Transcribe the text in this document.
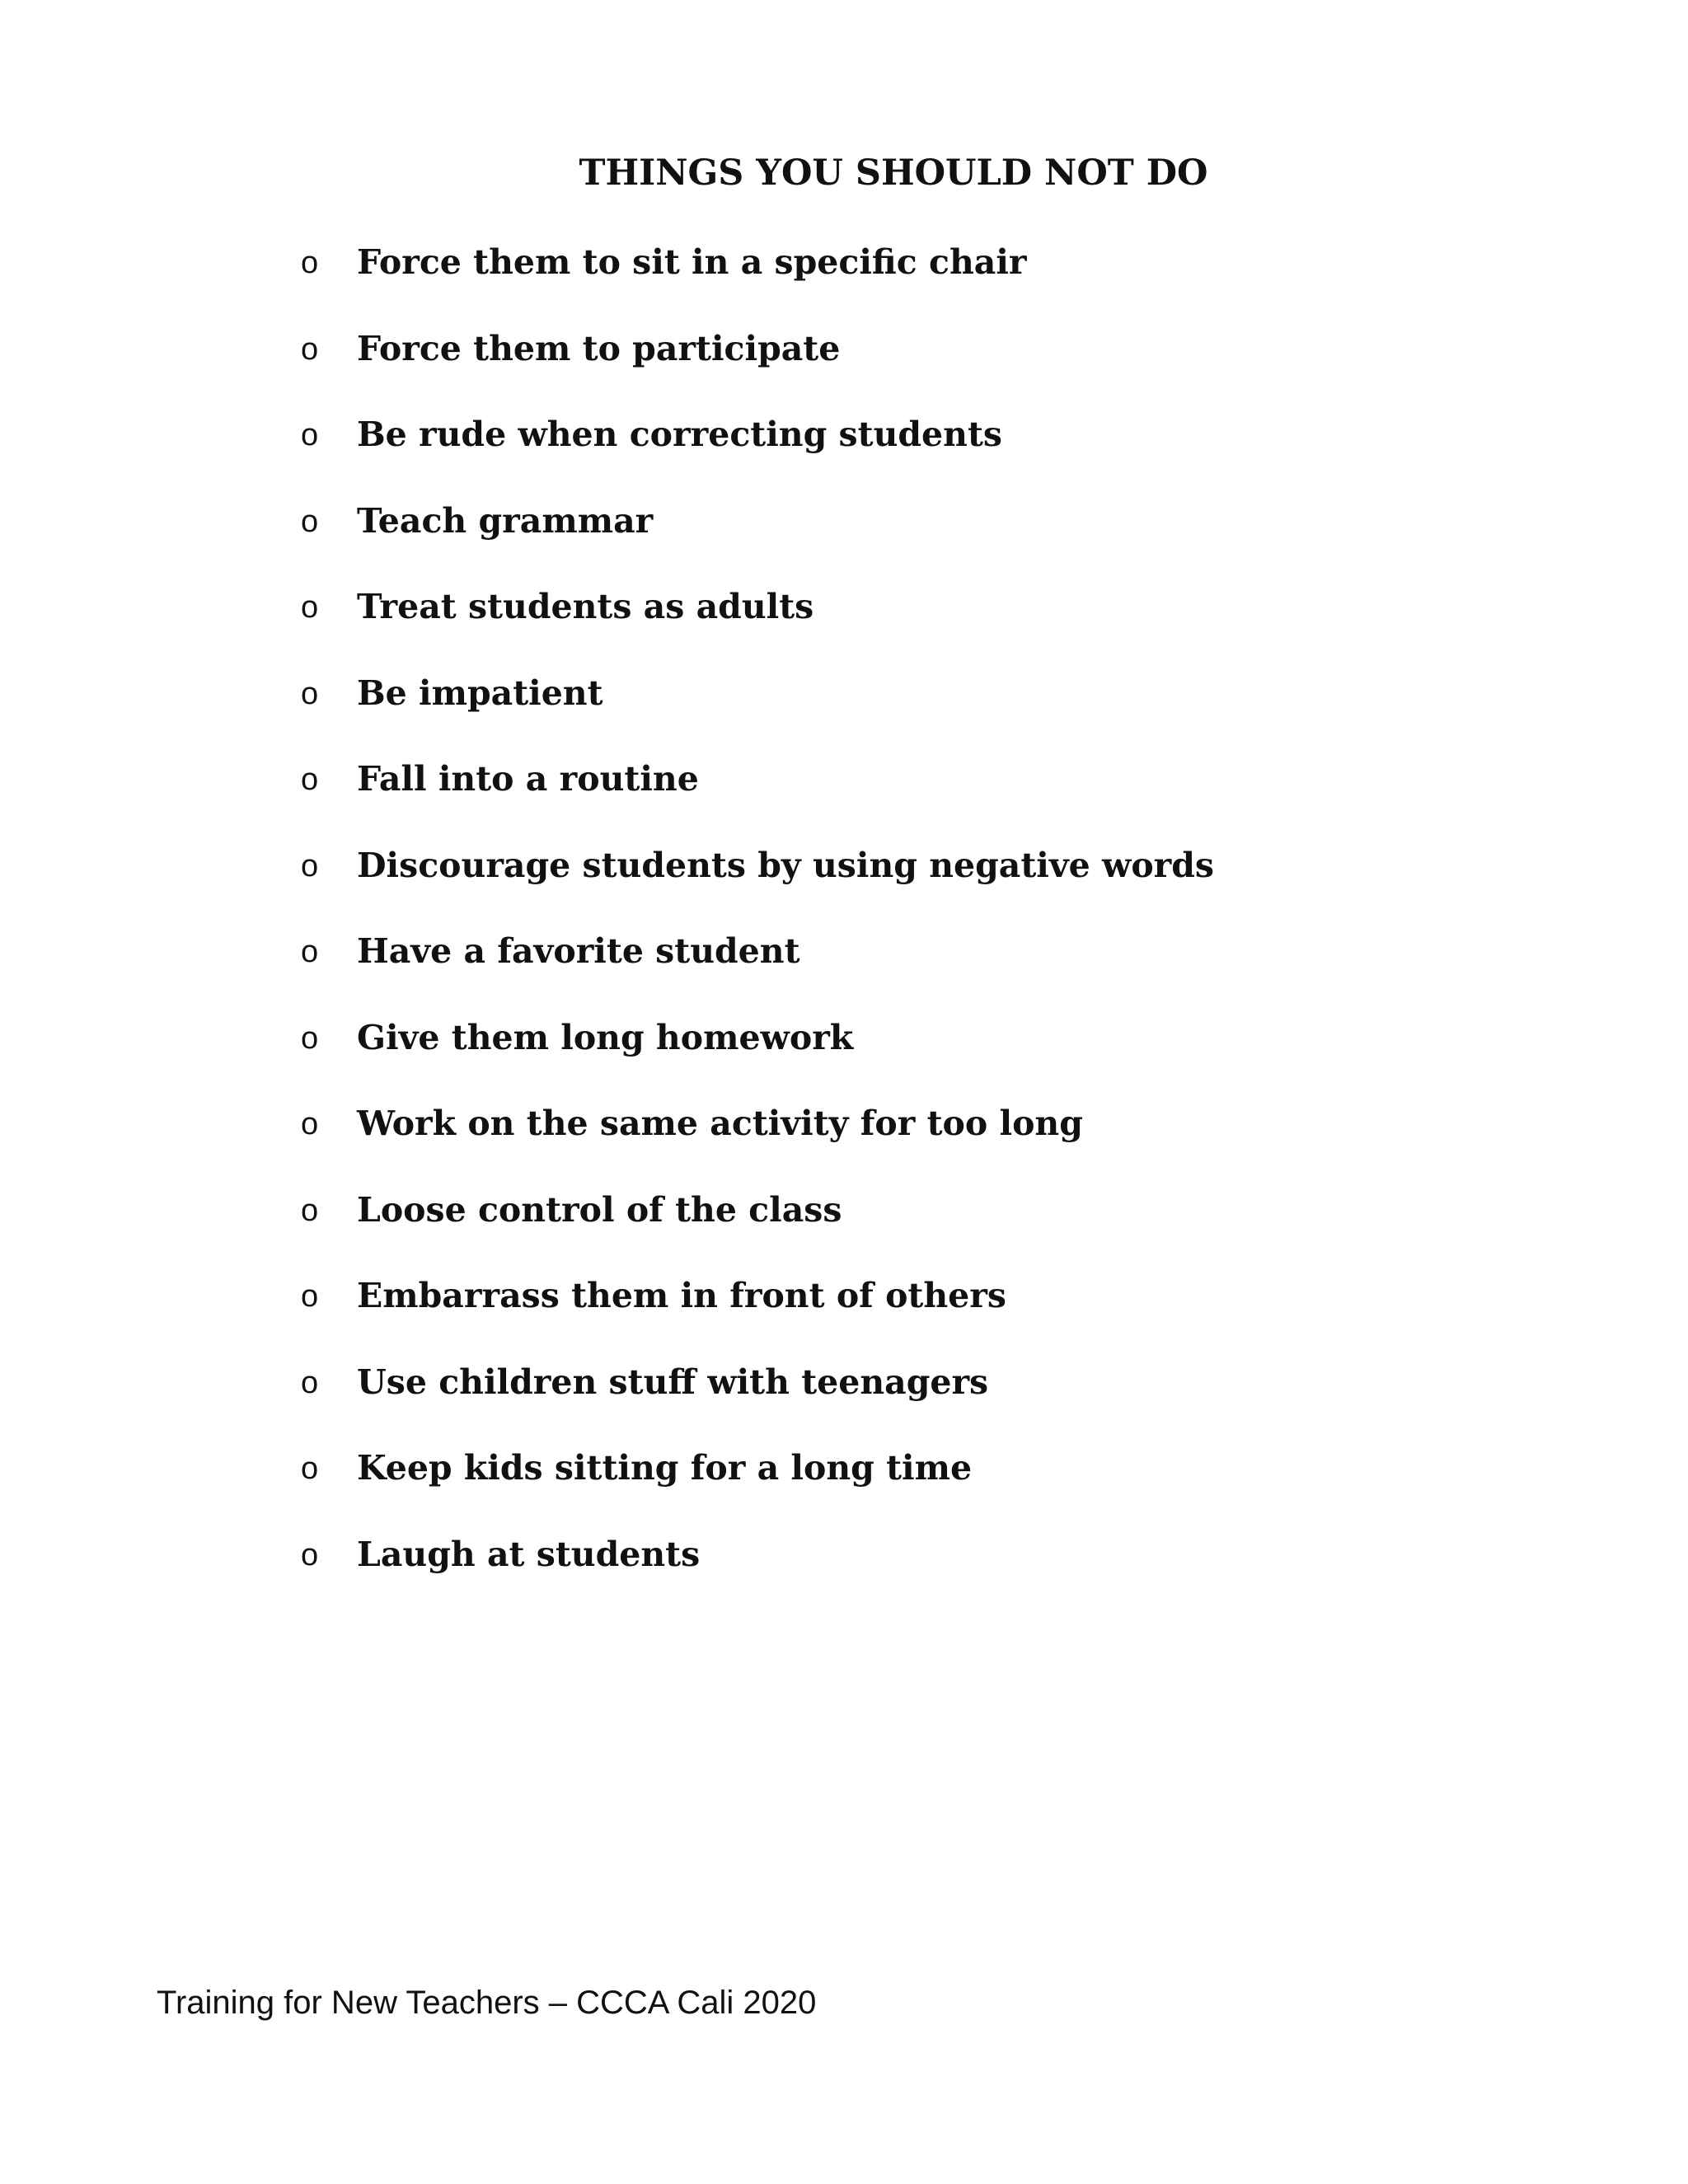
THINGS YOU SHOULD NOT DO
o	Force them to sit in a specific chair
o	Force them to participate
o	Be rude when correcting students
o	Teach grammar
o	Treat students as adults
o	Be impatient
o	Fall into a routine
o	Discourage students by using negative words
o	Have a favorite student
o	Give them long homework
o	Work on the same activity for too long
o	Loose control of the class
o	Embarrass them in front of others
o	Use children stuff with teenagers
o	Keep kids sitting for a long time
o	Laugh at students
Training for New Teachers – CCCA Cali 2020
